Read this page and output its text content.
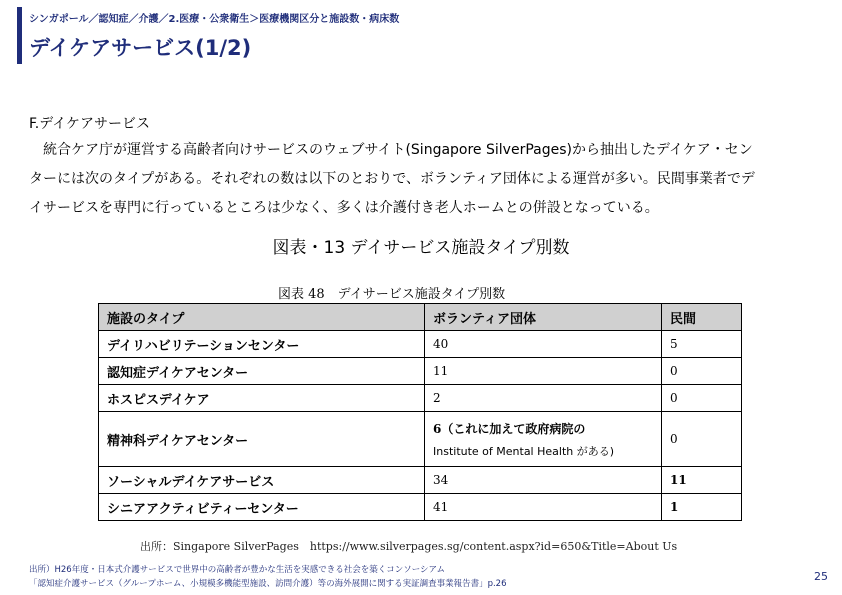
シンガポール／認知症／介護／2.医療・公衆衛生＞医療機関区分と施設数・病床数
デイケアサービス(1/2)
F.デイケアサービス
　統合ケア庁が運営する高齢者向けサービスのウェブサイト(Singapore SilverPages)から抽出したデイケア・セン
ターには次のタイプがある。それぞれの数は以下のとおりで、ボランティア団体による運営が多い。民間事業者でデ
イサービスを専門に行っているところは少なく、多くは介護付き老人ホームとの併設となっている。
図表・13 デイサービス施設タイプ別数
図表 48　デイサービス施設タイプ別数
施設のタイプ	ボランティア団体	民間
デイリハビリテーションセンター	40	5
認知症デイケアセンター	11	0
ホスピスデイケア	2	0
精神科デイケアセンター	6（これに加えて政府病院の
Institute of Mental Health がある)	0
ソーシャルデイケアサービス	34	11
シニアアクティビティーセンター	41	1
出所：Singapore SilverPages　https://www.silverpages.sg/content.aspx?id=650&Title=About Us
出所）H26年度・日本式介護サービスで世界中の高齢者が豊かな生活を実感できる社会を築くコンソーシアム
「認知症介護サービス（グループホーム、小規模多機能型施設、訪問介護）等の海外展開に関する実証調査事業報告書」p.26
25
